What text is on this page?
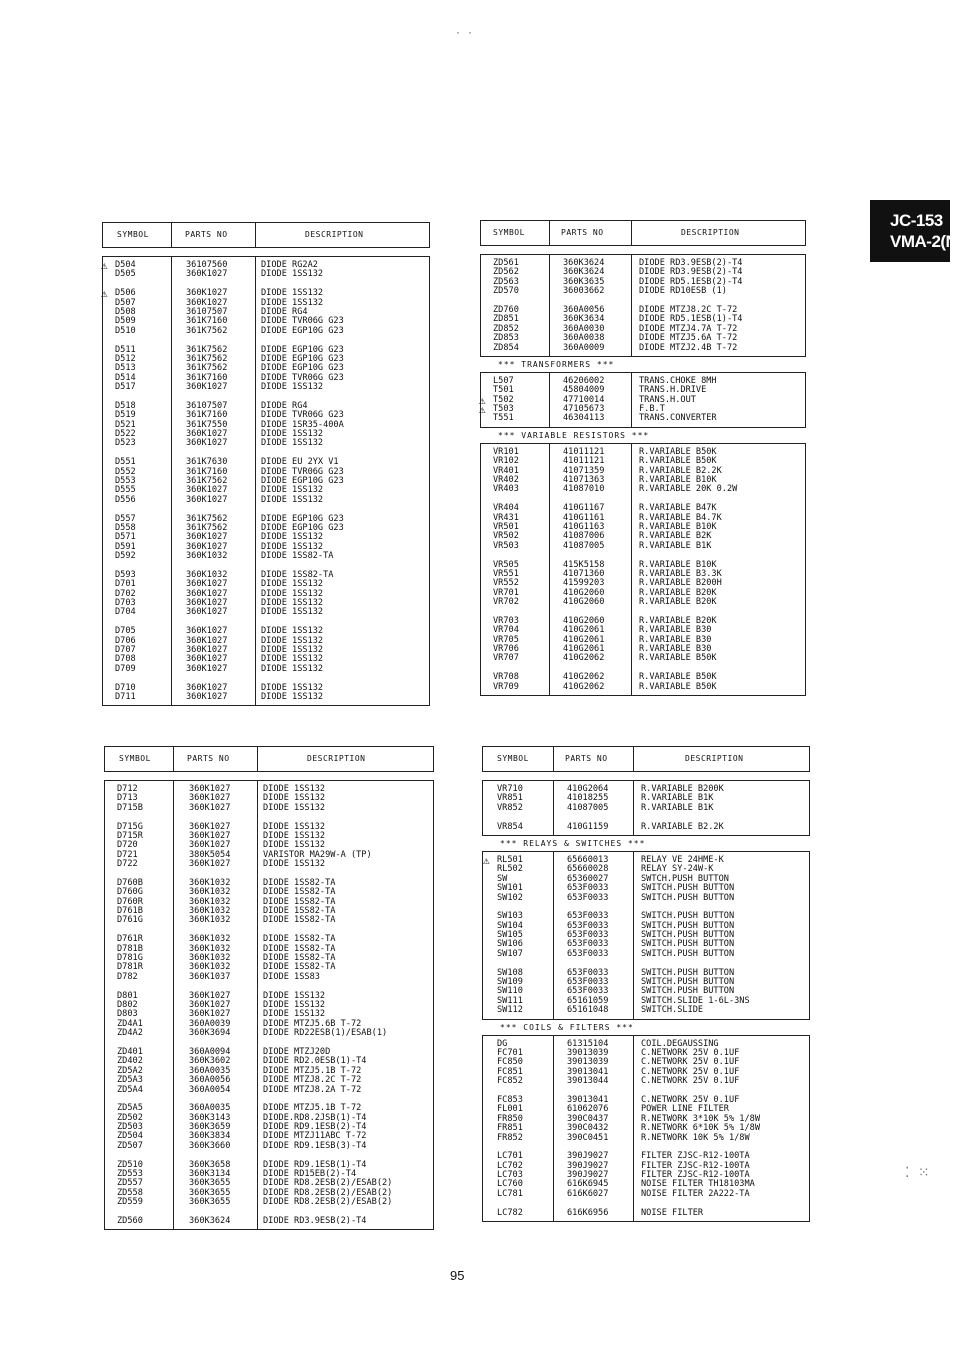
JC-153
VMA-2(N
SYMBOL	PARTS NO	DESCRIPTION
⚠ D504	36107560	DIODE RG2A2
D505	360K1027	DIODE 1SS132
⚠ D506	360K1027	DIODE 1SS132
D507	360K1027	DIODE 1SS132
D508	36107507	DIODE RG4
D509	361K7160	DIODE TVR06G G23
D510	361K7562	DIODE EGP10G G23
D511	361K7562	DIODE EGP10G G23
D512	361K7562	DIODE EGP10G G23
D513	361K7562	DIODE EGP10G G23
D514	361K7160	DIODE TVR06G G23
D517	360K1027	DIODE 1SS132
D518	36107507	DIODE RG4
D519	361K7160	DIODE TVR06G G23
D521	361K7550	DIODE 1SR35-400A
D522	360K1027	DIODE 1SS132
D523	360K1027	DIODE 1SS132
D551	361K7630	DIODE EU 2YX V1
D552	361K7160	DIODE TVR06G G23
D553	361K7562	DIODE EGP10G G23
D555	360K1027	DIODE 1SS132
D556	360K1027	DIODE 1SS132
D557	361K7562	DIODE EGP10G G23
D558	361K7562	DIODE EGP10G G23
D571	360K1027	DIODE 1SS132
D591	360K1027	DIODE 1SS132
D592	360K1032	DIODE 1SS82-TA
D593	360K1032	DIODE 1SS82-TA
D701	360K1027	DIODE 1SS132
D702	360K1027	DIODE 1SS132
D703	360K1027	DIODE 1SS132
D704	360K1027	DIODE 1SS132
D705	360K1027	DIODE 1SS132
D706	360K1027	DIODE 1SS132
D707	360K1027	DIODE 1SS132
D708	360K1027	DIODE 1SS132
D709	360K1027	DIODE 1SS132
D710	360K1027	DIODE 1SS132
D711	360K1027	DIODE 1SS132
SYMBOL	PARTS NO	DESCRIPTION
ZD561	360K3624	DIODE RD3.9ESB(2)-T4
ZD562	360K3624	DIODE RD3.9ESB(2)-T4
ZD563	360K3635	DIODE RD5.1ESB(2)-T4
ZD570	36003662	DIODE RD10ESB (1)
ZD760	360A0056	DIODE MTZJ8.2C T-72
ZD851	360K3634	DIODE RD5.1ESB(1)-T4
ZD852	360A0030	DIODE MTZJ4.7A T-72
ZD853	360A0038	DIODE MTZJ5.6A T-72
ZD854	360A0009	DIODE MTZJ2.4B T-72
*** TRANSFORMERS ***
L507	46206002	TRANS.CHOKE 8MH
T501	45804009	TRANS.H.DRIVE
⚠ T502	47710014	TRANS.H.OUT
⚠ T503	47105673	F.B.T
T551	46304113	TRANS.CONVERTER
*** VARIABLE RESISTORS ***
VR101	41011121	R.VARIABLE B50K
VR102	41011121	R.VARIABLE B50K
VR401	41071359	R.VARIABLE B2.2K
VR402	41071363	R.VARIABLE B10K
VR403	41087010	R.VARIABLE 20K 0.2W
VR404	410G1167	R.VARIABLE B47K
VR431	410G1161	R.VARIABLE B4.7K
VR501	410G1163	R.VARIABLE B10K
VR502	41087006	R.VARIABLE B2K
VR503	41087005	R.VARIABLE B1K
VR505	415K5158	R.VARIABLE B10K
VR551	41071360	R.VARIABLE B3.3K
VR552	41599203	R.VARIABLE B200H
VR701	410G2060	R.VARIABLE B20K
VR702	410G2060	R.VARIABLE B20K
VR703	410G2060	R.VARIABLE B20K
VR704	410G2061	R.VARIABLE B30
VR705	410G2061	R.VARIABLE B30
VR706	410G2061	R.VARIABLE B30
VR707	410G2062	R.VARIABLE B50K
VR708	410G2062	R.VARIABLE B50K
VR709	410G2062	R.VARIABLE B50K
SYMBOL	PARTS NO	DESCRIPTION
D712	360K1027	DIODE 1SS132
D713	360K1027	DIODE 1SS132
D715B	360K1027	DIODE 1SS132
D715G	360K1027	DIODE 1SS132
D715R	360K1027	DIODE 1SS132
D720	360K1027	DIODE 1SS132
D721	380K5054	VARISTOR MA29W-A (TP)
D722	360K1027	DIODE 1SS132
D760B	360K1032	DIODE 1SS82-TA
D760G	360K1032	DIODE 1SS82-TA
D760R	360K1032	DIODE 1SS82-TA
D761B	360K1032	DIODE 1SS82-TA
D761G	360K1032	DIODE 1SS82-TA
D761R	360K1032	DIODE 1SS82-TA
D781B	360K1032	DIODE 1SS82-TA
D781G	360K1032	DIODE 1SS82-TA
D781R	360K1032	DIODE 1SS82-TA
D782	360K1037	DIODE 1SS83
D801	360K1027	DIODE 1SS132
D802	360K1027	DIODE 1SS132
D803	360K1027	DIODE 1SS132
ZD4A1	360A0039	DIODE MTZJ5.6B T-72
ZD4A2	360K3694	DIODE RD22ESB(1)/ESAB(1)
ZD401	360A0094	DIODE MTZJ20D
ZD402	360K3602	DIODE RD2.0ESB(1)-T4
ZD5A2	360A0035	DIODE MTZJ5.1B T-72
ZD5A3	360A0056	DIODE MTZJ8.2C T-72
ZD5A4	360A0054	DIODE MTZJ8.2A T-72
ZD5A5	360A0035	DIODE MTZJ5.1B T-72
ZD502	360K3143	DIODE.RD8.2JSB(1)-T4
ZD503	360K3659	DIODE RD9.1ESB(2)-T4
ZD504	360K3834	DIODE MTZJ11ABC T-72
ZD507	360K3660	DIODE RD9.1ESB(3)-T4
ZD510	360K3658	DIODE RD9.1ESB(1)-T4
ZD553	360K3134	DIODE RD15EB(2)-T4
ZD557	360K3655	DIODE RD8.2ESB(2)/ESAB(2)
ZD558	360K3655	DIODE RD8.2ESB(2)/ESAB(2)
ZD559	360K3655	DIODE RD8.2ESB(2)/ESAB(2)
ZD560	360K3624	DIODE RD3.9ESB(2)-T4
SYMBOL	PARTS NO	DESCRIPTION
VR710	410G2064	R.VARIABLE B200K
VR851	41018255	R.VARIABLE B1K
VR852	41087005	R.VARIABLE B1K
VR854	410G1159	R.VARIABLE B2.2K
*** RELAYS & SWITCHES ***
⚠ RL501	65660013	RELAY VE 24HME-K
RL502	65660028	RELAY SY-24W-K
SW	65360027	SWTCH.PUSH BUTTON
SW101	653F0033	SWITCH.PUSH BUTTON
SW102	653F0033	SWITCH.PUSH BUTTON
SW103	653F0033	SWITCH.PUSH BUTTON
SW104	653F0033	SWITCH.PUSH BUTTON
SW105	653F0033	SWITCH.PUSH BUTTON
SW106	653F0033	SWITCH.PUSH BUTTON
SW107	653F0033	SWITCH.PUSH BUTTON
SW108	653F0033	SWITCH.PUSH BUTTON
SW109	653F0033	SWITCH.PUSH BUTTON
SW110	653F0033	SWITCH.PUSH BUTTON
SW111	65161059	SWITCH.SLIDE 1-6L-3NS
SW112	65161048	SWITCH.SLIDE
*** COILS & FILTERS ***
DG	61315104	COIL.DEGAUSSING
FC701	39013039	C.NETWORK 25V 0.1UF
FC850	39013039	C.NETWORK 25V 0.1UF
FC851	39013041	C.NETWORK 25V 0.1UF
FC852	39013044	C.NETWORK 25V 0.1UF
FC853	39013041	C.NETWORK 25V 0.1UF
FL001	61062076	POWER LINE FILTER
FR850	390C0437	R.NETWORK 3*10K 5% 1/8W
FR851	390C0432	R.NETWORK 6*10K 5% 1/8W
FR852	390C0451	R.NETWORK 10K 5% 1/8W
LC701	390J9027	FILTER ZJSC-R12-100TA
LC702	390J9027	FILTER ZJSC-R12-100TA
LC703	390J9027	FILTER ZJSC-R12-100TA
LC760	616K6945	NOISE FILTER TH18103MA
LC781	616K6027	NOISE FILTER 2A222-TA
LC782	616K6956	NOISE FILTER
95
· ·
⁚ ⁙
